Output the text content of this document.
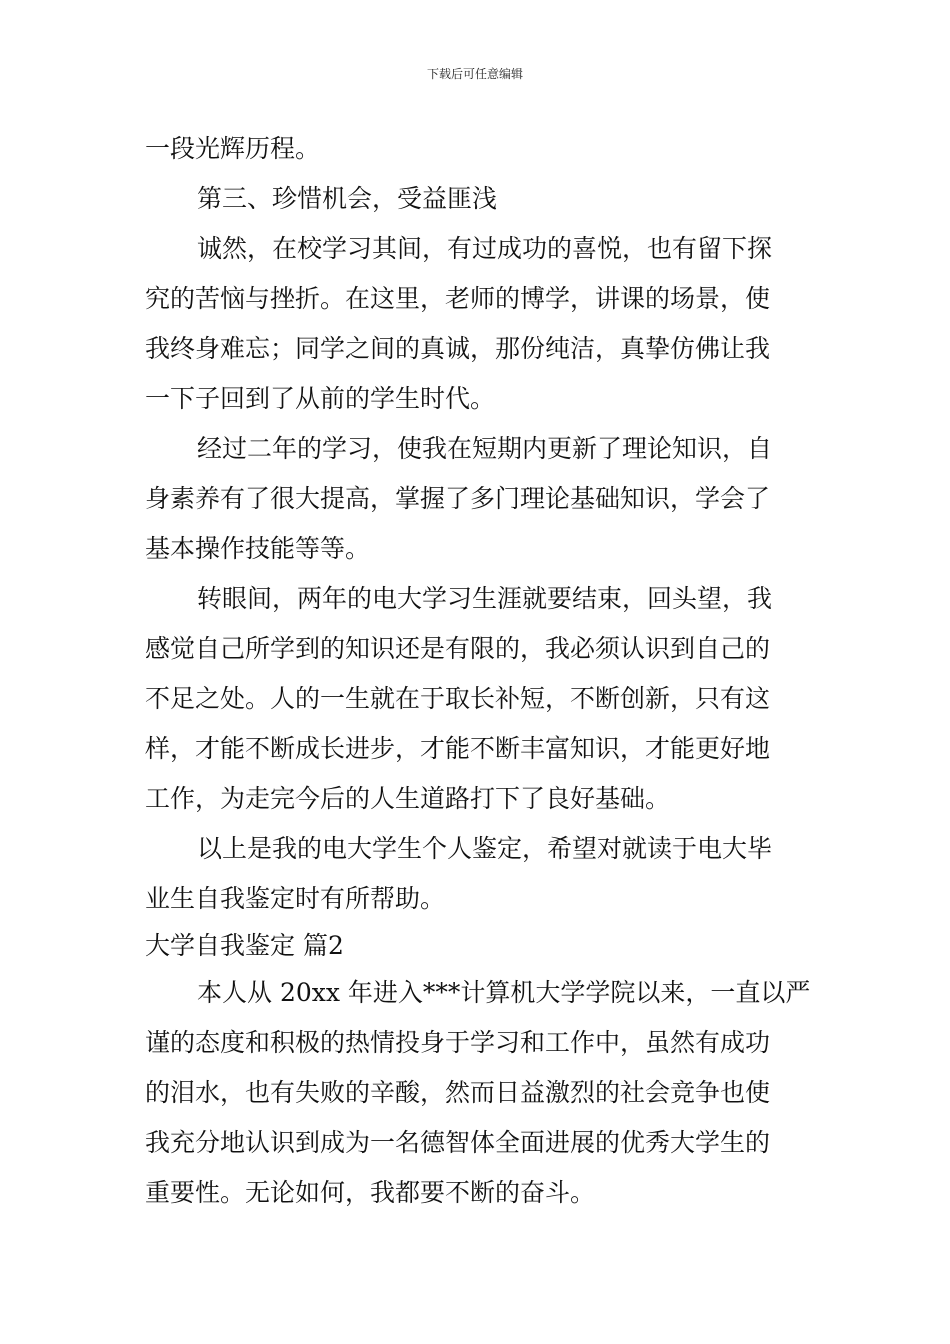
下载后可任意编辑
一段光辉历程。
第三、珍惜机会，受益匪浅
诚然，在校学习其间，有过成功的喜悦，也有留下探
究的苦恼与挫折。在这里，老师的博学，讲课的场景，使
我终身难忘；同学之间的真诚，那份纯洁，真挚仿佛让我
一下子回到了从前的学生时代。
经过二年的学习，使我在短期内更新了理论知识，自
身素养有了很大提高，掌握了多门理论基础知识，学会了
基本操作技能等等。
转眼间，两年的电大学习生涯就要结束，回头望，我
感觉自己所学到的知识还是有限的，我必须认识到自己的
不足之处。人的一生就在于取长补短，不断创新，只有这
样，才能不断成长进步，才能不断丰富知识，才能更好地
工作，为走完今后的人生道路打下了良好基础。
以上是我的电大学生个人鉴定，希望对就读于电大毕
业生自我鉴定时有所帮助。
大学自我鉴定 篇2
本人从 20xx 年进入***计算机大学学院以来，一直以严
谨的态度和积极的热情投身于学习和工作中，虽然有成功
的泪水，也有失败的辛酸，然而日益激烈的社会竞争也使
我充分地认识到成为一名德智体全面进展的优秀大学生的
重要性。无论如何，我都要不断的奋斗。
